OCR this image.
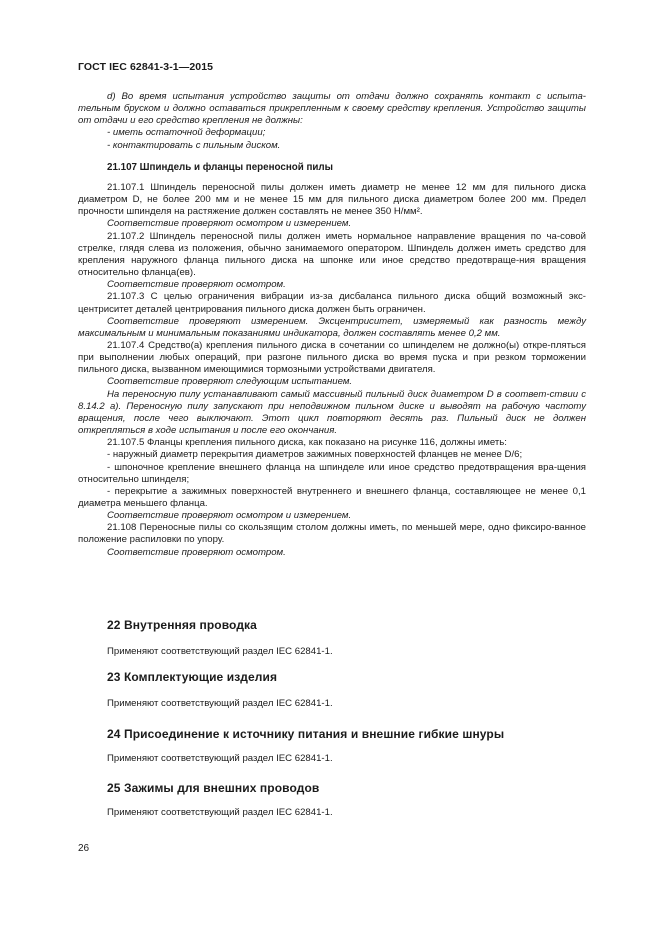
ГОСТ IEC 62841-3-1—2015

d) Во время испытания устройство защиты от отдачи должно сохранять контакт с испыта-тельным бруском и должно оставаться прикрепленным к своему средству крепления. Устройство защиты от отдачи и его средство крепления не должны:

- иметь остаточной деформации;

- контактировать с пильным диском.

21.107 Шпиндель и фланцы переносной пилы

21.107.1 Шпиндель переносной пилы должен иметь диаметр не менее 12 мм для пильного диска диаметром D, не более 200 мм и не менее 15 мм для пильного диска диаметром более 200 мм. Предел прочности шпинделя на растяжение должен составлять не менее 350 Н/мм².

Соответствие проверяют осмотром и измерением.

21.107.2 Шпиндель переносной пилы должен иметь нормальное направление вращения по ча-совой стрелке, глядя слева из положения, обычно занимаемого оператором. Шпиндель должен иметь средство для крепления наружного фланца пильного диска на шпонке или иное средство предотвраще-ния вращения относительно фланца(ев).

Соответствие проверяют осмотром.

21.107.3 С целью ограничения вибрации из-за дисбаланса пильного диска общий возможный экс-центриситет деталей центрирования пильного диска должен быть ограничен.

Соответствие проверяют измерением. Эксцентриситет, измеряемый как разность между максимальным и минимальным показаниями индикатора, должен составлять менее 0,2 мм.

21.107.4 Средство(а) крепления пильного диска в сочетании со шпинделем не должно(ы) откре-пляться при выполнении любых операций, при разгоне пильного диска во время пуска и при резком торможении пильного диска, вызванном имеющимися тормозными устройствами двигателя.

Соответствие проверяют следующим испытанием.

На переносную пилу устанавливают самый массивный пильный диск диаметром D в соответ-ствии с 8.14.2 а). Переносную пилу запускают при неподвижном пильном диске и выводят на рабочую частоту вращения, после чего выключают. Этот цикл повторяют десять раз. Пильный диск не должен открепляться в ходе испытания и после его окончания.

21.107.5 Фланцы крепления пильного диска, как показано на рисунке 116, должны иметь:

- наружный диаметр перекрытия диаметров зажимных поверхностей фланцев не менее D/6;

- шпоночное крепление внешнего фланца на шпинделе или иное средство предотвращения вра-щения относительно шпинделя;

- перекрытие a зажимных поверхностей внутреннего и внешнего фланца, составляющее не менее 0,1 диаметра меньшего фланца.

Соответствие проверяют осмотром и измерением.

21.108 Переносные пилы со скользящим столом должны иметь, по меньшей мере, одно фиксиро-ванное положение распиловки по упору.

Соответствие проверяют осмотром.

22 Внутренняя проводка
Применяют соответствующий раздел IEC 62841-1.
23 Комплектующие изделия
Применяют соответствующий раздел IEC 62841-1.
24 Присоединение к источнику питания и внешние гибкие шнуры
Применяют соответствующий раздел IEC 62841-1.
25 Зажимы для внешних проводов
Применяют соответствующий раздел IEC 62841-1.
26
